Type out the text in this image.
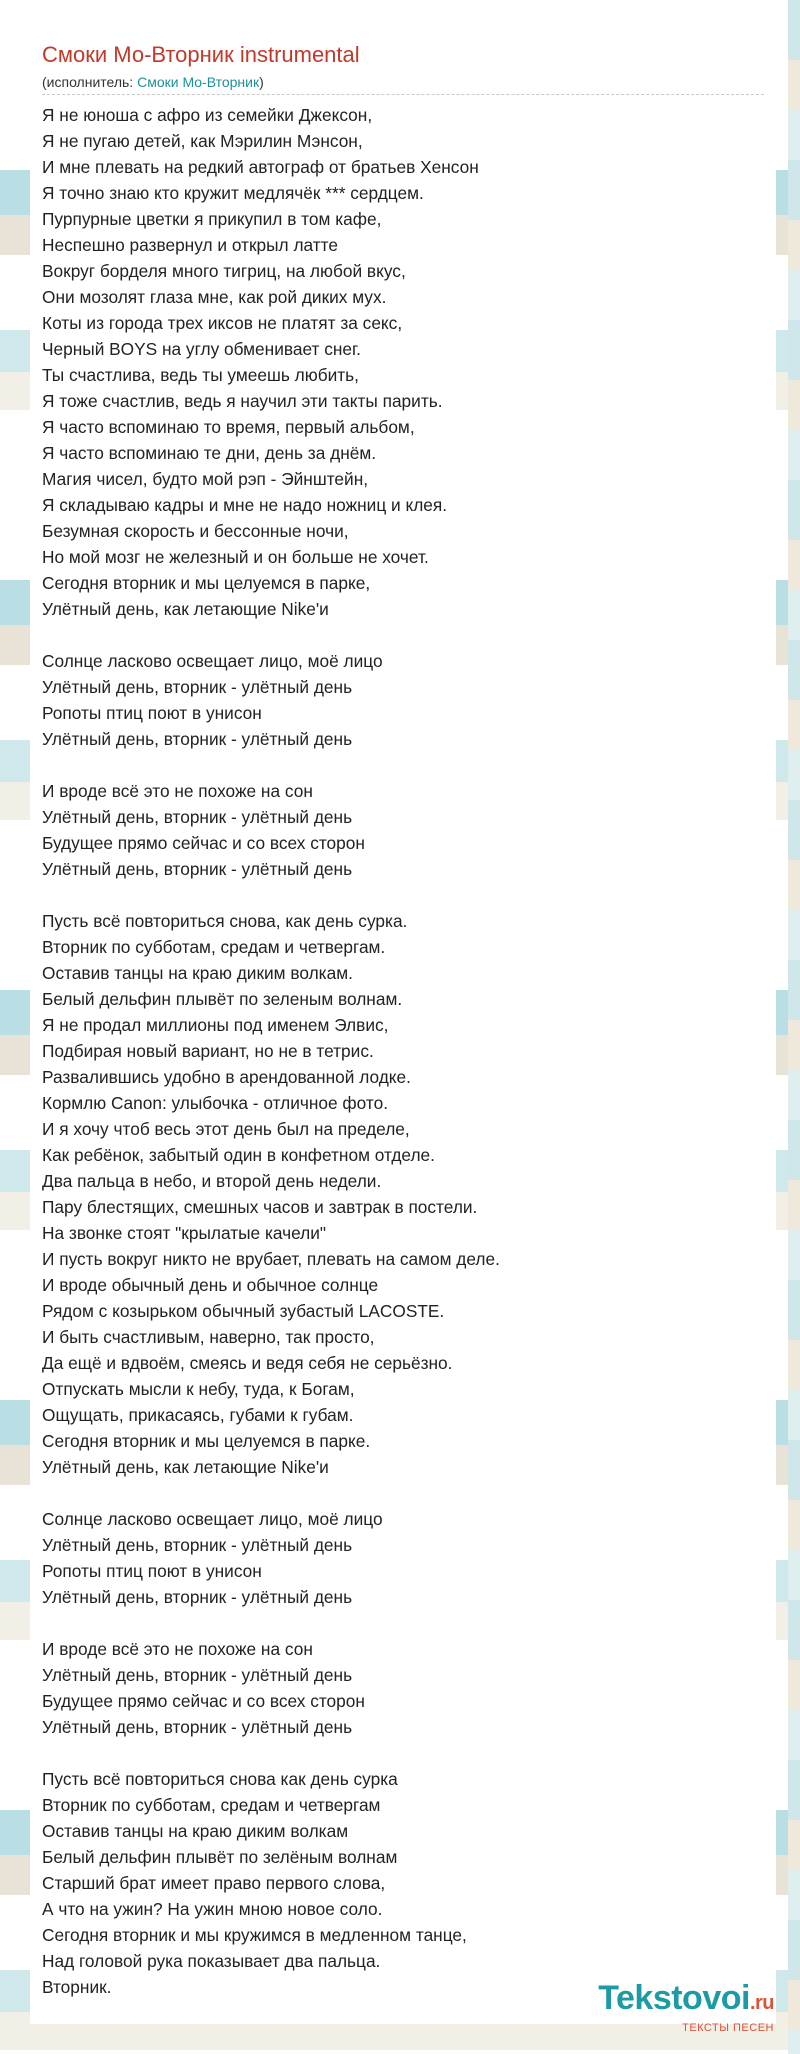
Смоки Мо-Вторник instrumental
(исполнитель: Смоки Мо-Вторник)
Я не юноша с афро из семейки Джексон,
Я не пугаю детей, как Мэрилин Мэнсон,
И мне плевать на редкий автограф от братьев Хенсон
Я точно знаю кто кружит медлячёк *** сердцем.
Пурпурные цветки я прикупил в том кафе,
Неспешно развернул и открыл латте
Вокруг борделя много тигриц, на любой вкус,
Они мозолят глаза мне, как рой диких мух.
Коты из города трех иксов не платят за секс,
Черный BOYS на углу обменивает снег.
Ты счастлива, ведь ты умеешь любить,
Я тоже счастлив, ведь я научил эти такты парить.
Я часто вспоминаю то время, первый альбом,
Я часто вспоминаю те дни, день за днём.
Магия чисел, будто мой рэп - Эйнштейн,
Я складываю кадры и мне не надо ножниц и клея.
Безумная скорость и бессонные ночи,
Но мой мозг не железный и он больше не хочет.
Сегодня вторник и мы целуемся в парке,
Улётный день, как летающие Nike'и

Солнце ласково освещает лицо, моё лицо
Улётный день, вторник - улётный день
Ропоты птиц поют в унисон
Улётный день, вторник - улётный день

И вроде всё это не похоже на сон
Улётный день, вторник - улётный день
Будущее прямо сейчас и со всех сторон
Улётный день, вторник - улётный день

Пусть всё повториться снова, как день сурка.
Вторник по субботам, средам и четвергам.
Оставив танцы на краю диким волкам.
Белый дельфин плывёт по зеленым волнам.
Я не продал миллионы под именем Элвис,
Подбирая новый вариант, но не в тетрис.
Развалившись удобно в арендованной лодке.
Кормлю Canon: улыбочка - отличное фото.
И я хочу чтоб весь этот день был на пределе,
Как ребёнок, забытый один в конфетном отделе.
Два пальца в небо, и второй день недели.
Пару блестящих, смешных часов и завтрак в постели.
На звонке стоят "крылатые качели"
И пусть вокруг никто не врубает, плевать на самом деле.
И вроде обычный день и обычное солнце
Рядом с козырьком обычный зубастый LACOSTE.
И быть счастливым, наверно, так просто,
Да ещё и вдвоём, смеясь и ведя себя не серьёзно.
Отпускать мысли к небу, туда, к Богам,
Ощущать, прикасаясь, губами к губам.
Сегодня вторник и мы целуемся в парке.
Улётный день, как летающие Nike'и

Солнце ласково освещает лицо, моё лицо
Улётный день, вторник - улётный день
Ропоты птиц поют в унисон
Улётный день, вторник - улётный день

И вроде всё это не похоже на сон
Улётный день, вторник - улётный день
Будущее прямо сейчас и со всех сторон
Улётный день, вторник - улётный день

Пусть всё повториться снова как день сурка
Вторник по субботам, средам и четвергам
Оставив танцы на краю диким волкам
Белый дельфин плывёт по зелёным волнам
Старший брат имеет право первого слова,
А что на ужин? На ужин мною новое соло.
Сегодня вторник и мы кружимся в медленном танце,
Над головой рука показывает два пальца.
Вторник.	Tekstovoi.ru
ТЕКСТЫ ПЕСЕН
